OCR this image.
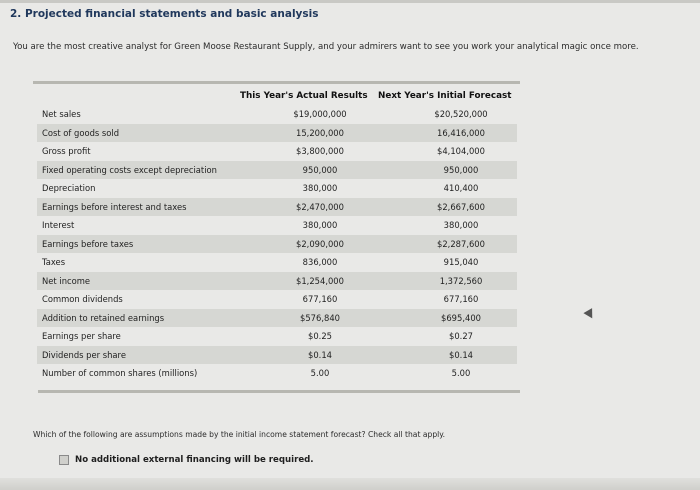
2. Projected financial statements and basic analysis
You are the most creative analyst for Green Moose Restaurant Supply, and your admirers want to see you work your analytical magic once more.
This Year's Actual Results Next Year's Initial Forecast
Net sales	$19,000,000	$20,520,000
Cost of goods sold	15,200,000	16,416,000
Gross profit	$3,800,000	$4,104,000
Fixed operating costs except depreciation	950,000	950,000
Depreciation	380,000	410,400
Earnings before interest and taxes	$2,470,000	$2,667,600
Interest	380,000	380,000
Earnings before taxes	$2,090,000	$2,287,600
Taxes	836,000	915,040
Net income	$1,254,000	1,372,560
Common dividends	677,160	677,160
Addition to retained earnings	$576,840	$695,400
Earnings per share	$0.25	$0.27
Dividends per share	$0.14	$0.14
Number of common shares (millions)	5.00	5.00
Which of the following are assumptions made by the initial income statement forecast? Check all that apply.
No additional external financing will be required.
